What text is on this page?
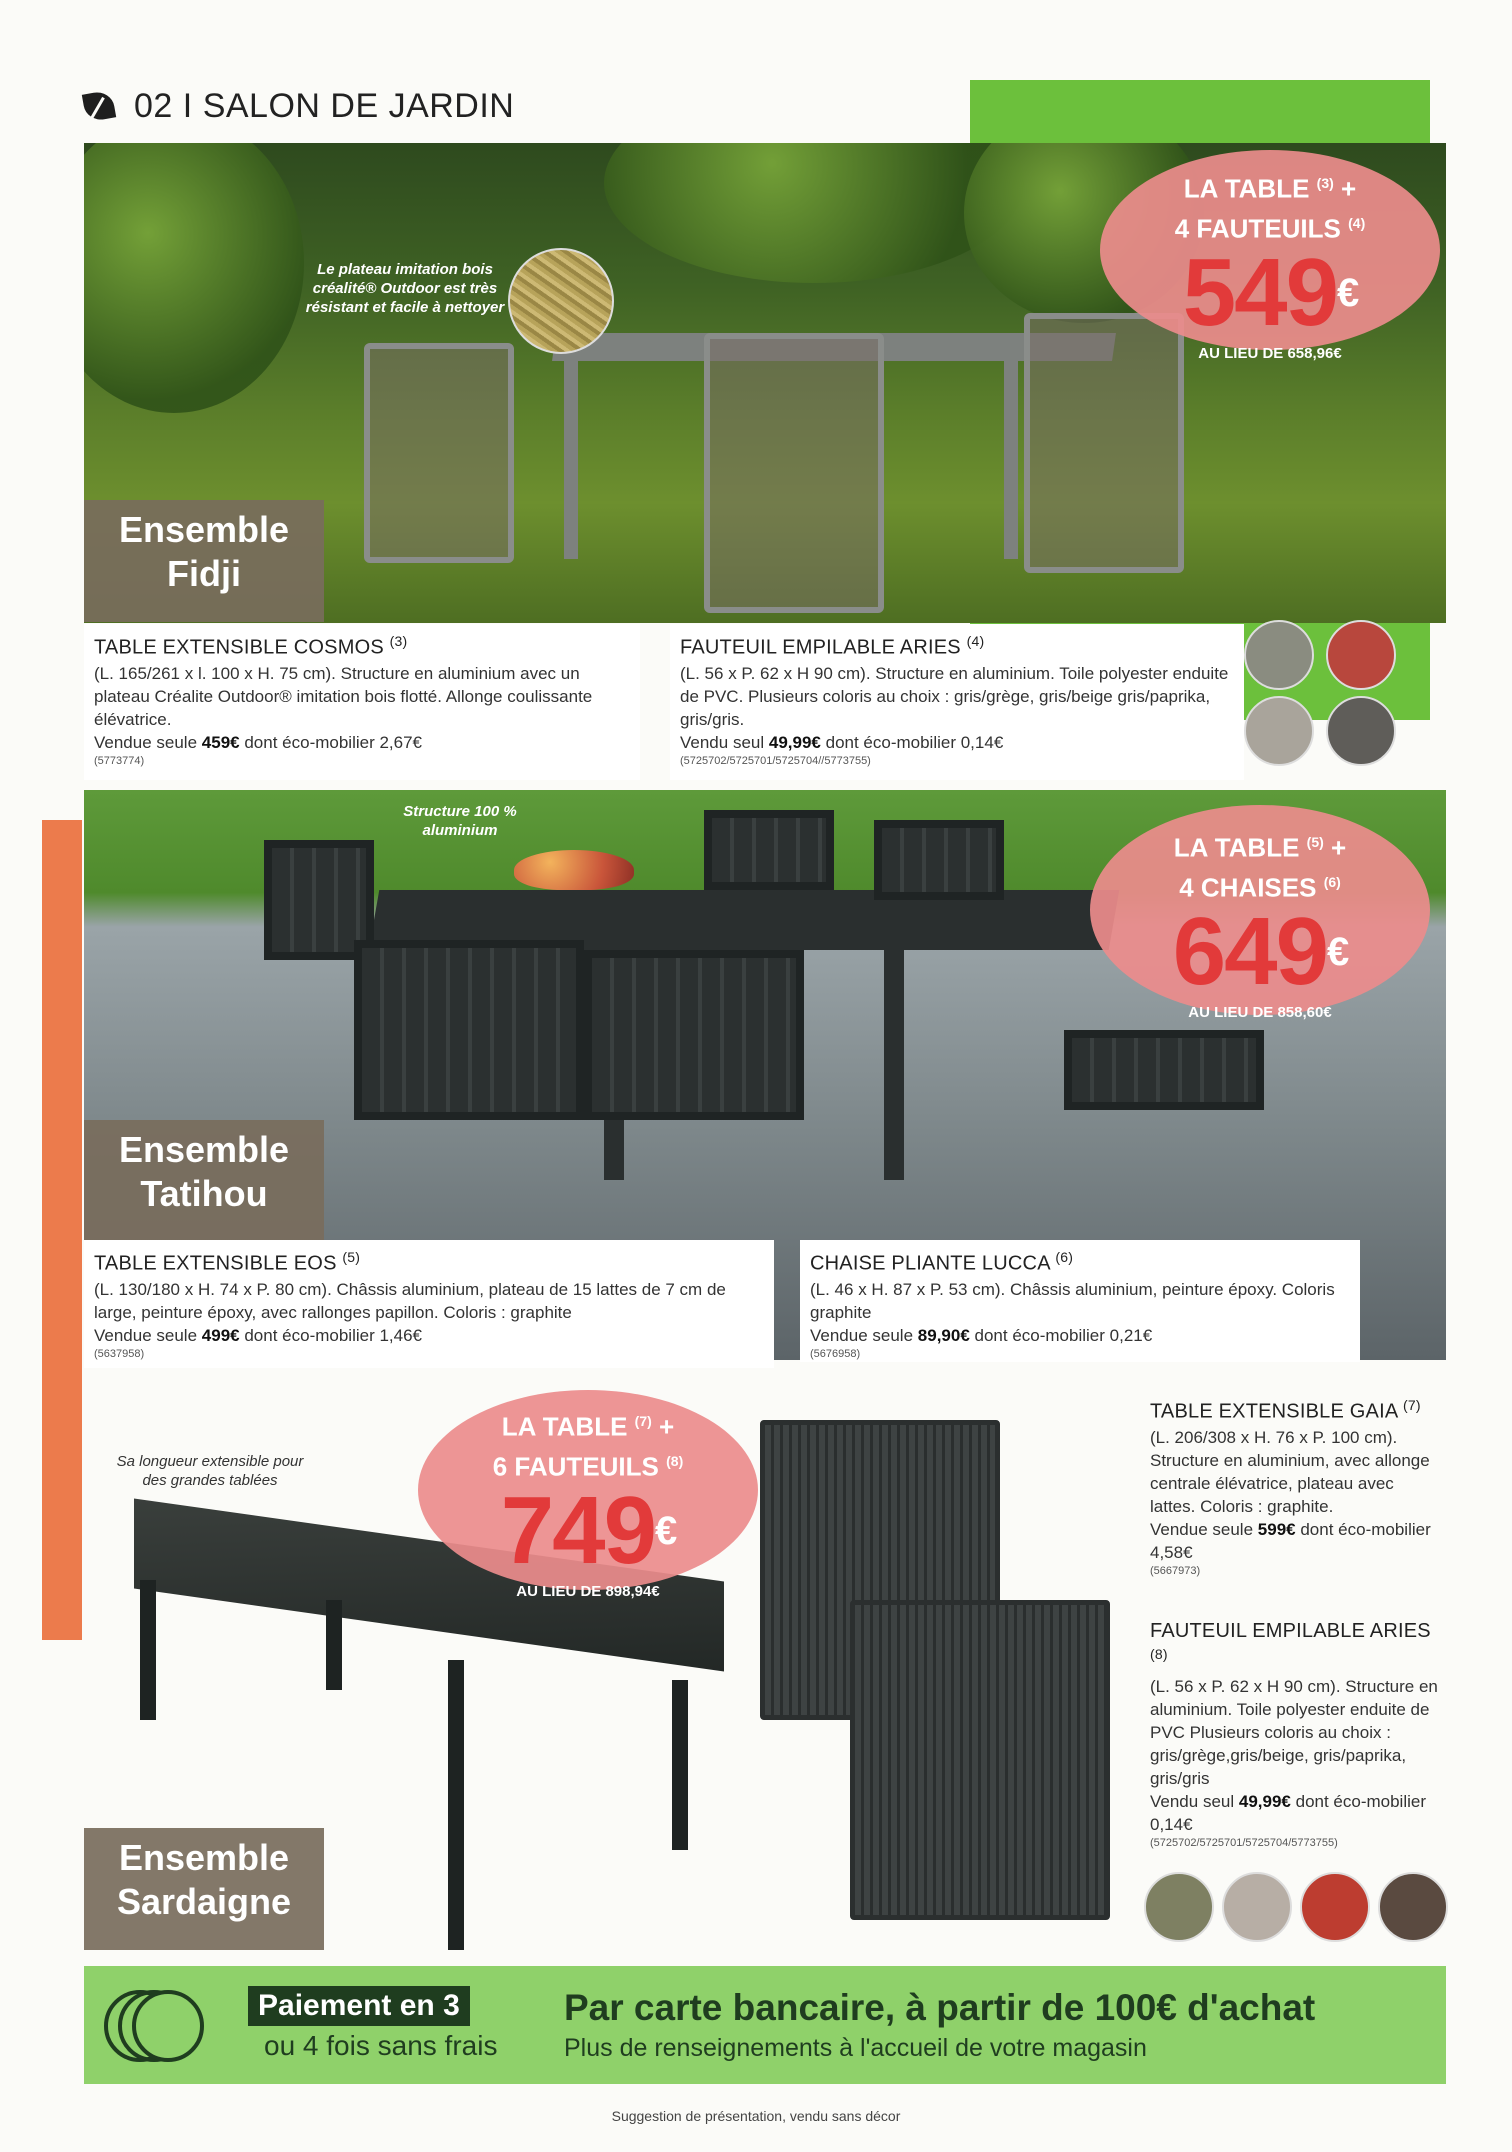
02 I SALON DE JARDIN
Le plateau imitation bois créalité® Outdoor est très résistant et facile à nettoyer
LA TABLE $^{(3)}$ +
4 FAUTEUILS $^{(4)}$
549€
AU LIEU DE 658,96€
Ensemble
Fidji
TABLE EXTENSIBLE COSMOS $^{(3)}$
(L. 165/261 x l. 100 x H. 75 cm). Structure en aluminium avec un plateau Créalite Outdoor® imitation bois flotté. Allonge coulissante élévatrice.
Vendue seule 459€ dont éco-mobilier 2,67€
(5773774)
FAUTEUIL EMPILABLE ARIES $^{(4)}$
(L. 56 x P. 62 x H 90 cm). Structure en aluminium. Toile polyester enduite de PVC. Plusieurs coloris au choix : gris/grège, gris/beige gris/paprika, gris/gris.
Vendu seul 49,99€ dont éco-mobilier 0,14€
(5725702/5725701/5725704//5773755)
Structure 100 % aluminium
LA TABLE $^{(5)}$ +
4 CHAISES $^{(6)}$
649€
AU LIEU DE 858,60€
Ensemble
Tatihou
TABLE EXTENSIBLE EOS $^{(5)}$
(L. 130/180 x H. 74 x P. 80 cm). Châssis aluminium, plateau de 15 lattes de 7 cm de large, peinture époxy, avec rallonges papillon. Coloris : graphite
Vendue seule 499€ dont éco-mobilier 1,46€
(5637958)
CHAISE PLIANTE LUCCA $^{(6)}$
(L. 46 x H. 87 x P. 53 cm). Châssis aluminium, peinture époxy. Coloris graphite
Vendue seule 89,90€ dont éco-mobilier 0,21€
(5676958)
Sa longueur extensible pour des grandes tablées
LA TABLE $^{(7)}$ +
6 FAUTEUILS $^{(8)}$
749€
AU LIEU DE 898,94€
Ensemble
Sardaigne
TABLE EXTENSIBLE GAIA $^{(7)}$
(L. 206/308 x H. 76 x P. 100 cm). Structure en aluminium, avec allonge centrale élévatrice, plateau avec lattes. Coloris : graphite.
Vendue seule 599€ dont éco-mobilier 4,58€
(5667973)
FAUTEUIL EMPILABLE ARIES $^{(8)}$
(L. 56 x P. 62 x H 90 cm). Structure en aluminium. Toile polyester enduite de PVC Plusieurs coloris au choix : gris/grège,gris/beige, gris/paprika, gris/gris
Vendu seul 49,99€ dont éco-mobilier 0,14€
(5725702/5725701/5725704/5773755)
Paiement en 3
ou 4 fois sans frais
Par carte bancaire, à partir de 100€ d'achat
Plus de renseignements à l'accueil de votre magasin
Suggestion de présentation, vendu sans décor
